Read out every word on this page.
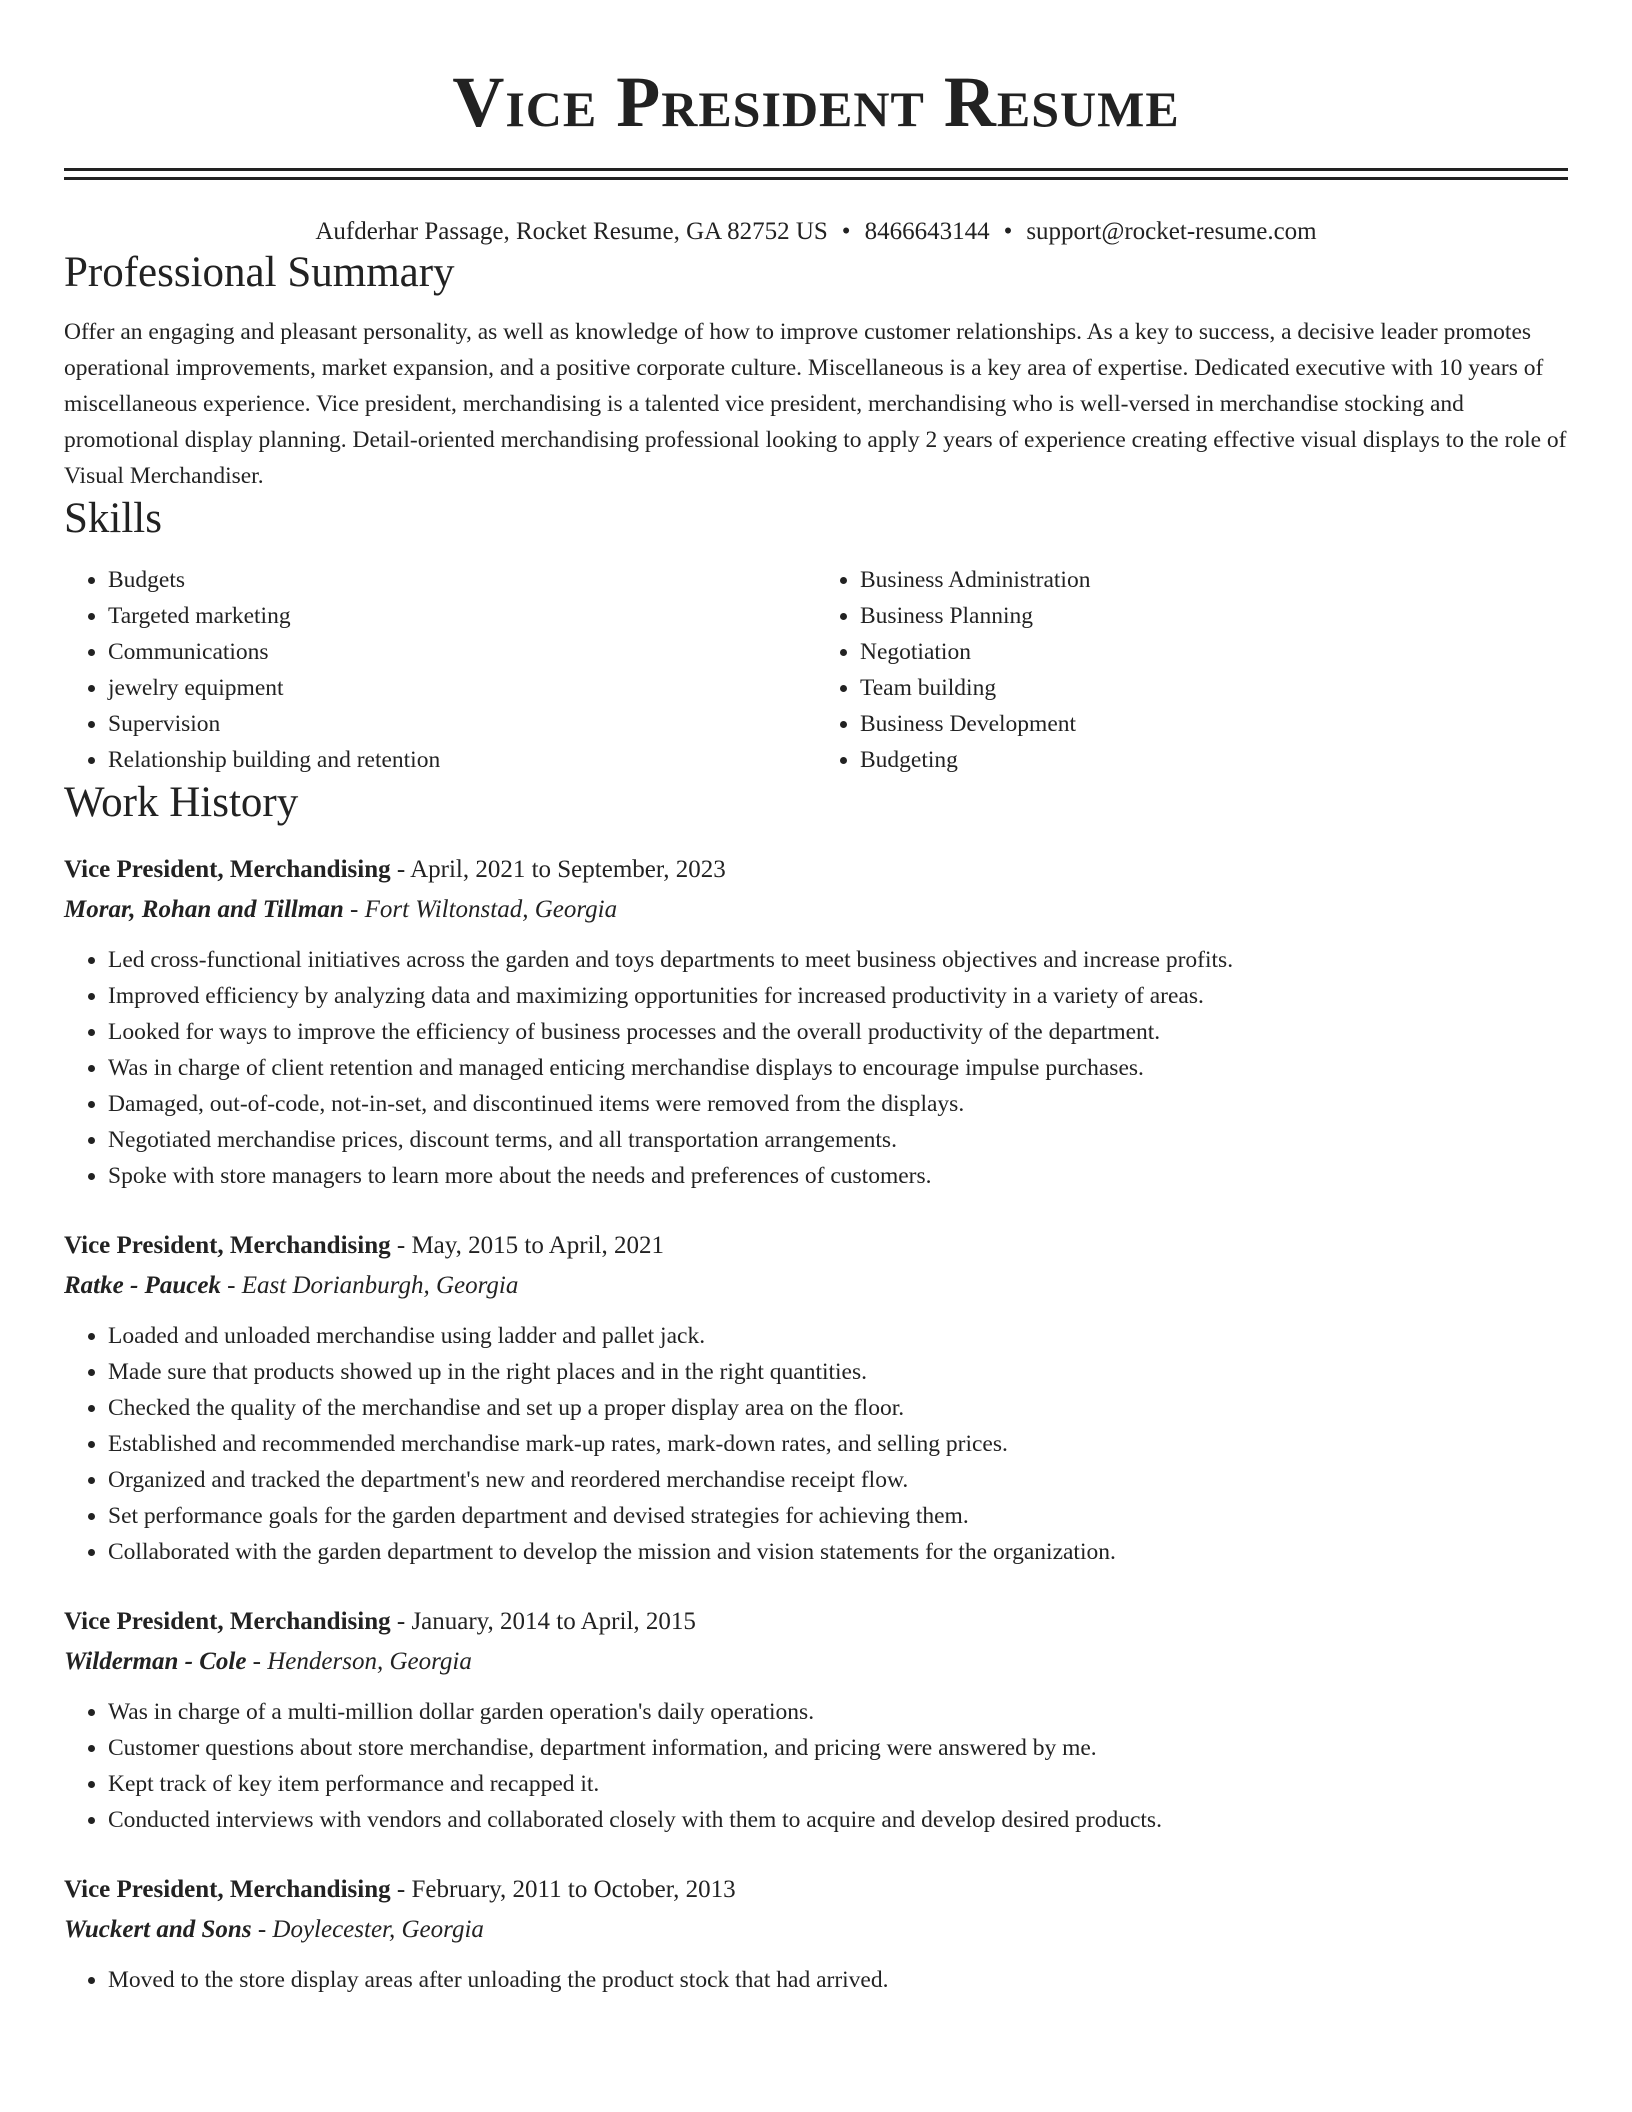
Vice President Resume
Aufderhar Passage, Rocket Resume, GA 82752 US • 8466643144 • support@rocket-resume.com
Professional Summary

Offer an engaging and pleasant personality, as well as knowledge of how to improve customer relationships. As a key to success, a decisive leader promotes operational improvements, market expansion, and a positive corporate culture. Miscellaneous is a key area of expertise. Dedicated executive with 10 years of miscellaneous experience. Vice president, merchandising is a talented vice president, merchandising who is well-versed in merchandise stocking and promotional display planning. Detail-oriented merchandising professional looking to apply 2 years of experience creating effective visual displays to the role of Visual Merchandiser.

Skills
• Budgets
• Targeted marketing
• Communications
• jewelry equipment
• Supervision
• Relationship building and retention
• Business Administration
• Business Planning
• Negotiation
• Team building
• Business Development
• Budgeting
Work History
Vice President, Merchandising - April, 2021 to September, 2023
Morar, Rohan and Tillman - Fort Wiltonstad, Georgia
• Led cross-functional initiatives across the garden and toys departments to meet business objectives and increase profits.
• Improved efficiency by analyzing data and maximizing opportunities for increased productivity in a variety of areas.
• Looked for ways to improve the efficiency of business processes and the overall productivity of the department.
• Was in charge of client retention and managed enticing merchandise displays to encourage impulse purchases.
• Damaged, out-of-code, not-in-set, and discontinued items were removed from the displays.
• Negotiated merchandise prices, discount terms, and all transportation arrangements.
• Spoke with store managers to learn more about the needs and preferences of customers.
Vice President, Merchandising - May, 2015 to April, 2021
Ratke - Paucek - East Dorianburgh, Georgia
• Loaded and unloaded merchandise using ladder and pallet jack.
• Made sure that products showed up in the right places and in the right quantities.
• Checked the quality of the merchandise and set up a proper display area on the floor.
• Established and recommended merchandise mark-up rates, mark-down rates, and selling prices.
• Organized and tracked the department's new and reordered merchandise receipt flow.
• Set performance goals for the garden department and devised strategies for achieving them.
• Collaborated with the garden department to develop the mission and vision statements for the organization.
Vice President, Merchandising - January, 2014 to April, 2015
Wilderman - Cole - Henderson, Georgia
• Was in charge of a multi-million dollar garden operation's daily operations.
• Customer questions about store merchandise, department information, and pricing were answered by me.
• Kept track of key item performance and recapped it.
• Conducted interviews with vendors and collaborated closely with them to acquire and develop desired products.
Vice President, Merchandising - February, 2011 to October, 2013
Wuckert and Sons - Doylecester, Georgia
• Moved to the store display areas after unloading the product stock that had arrived.
